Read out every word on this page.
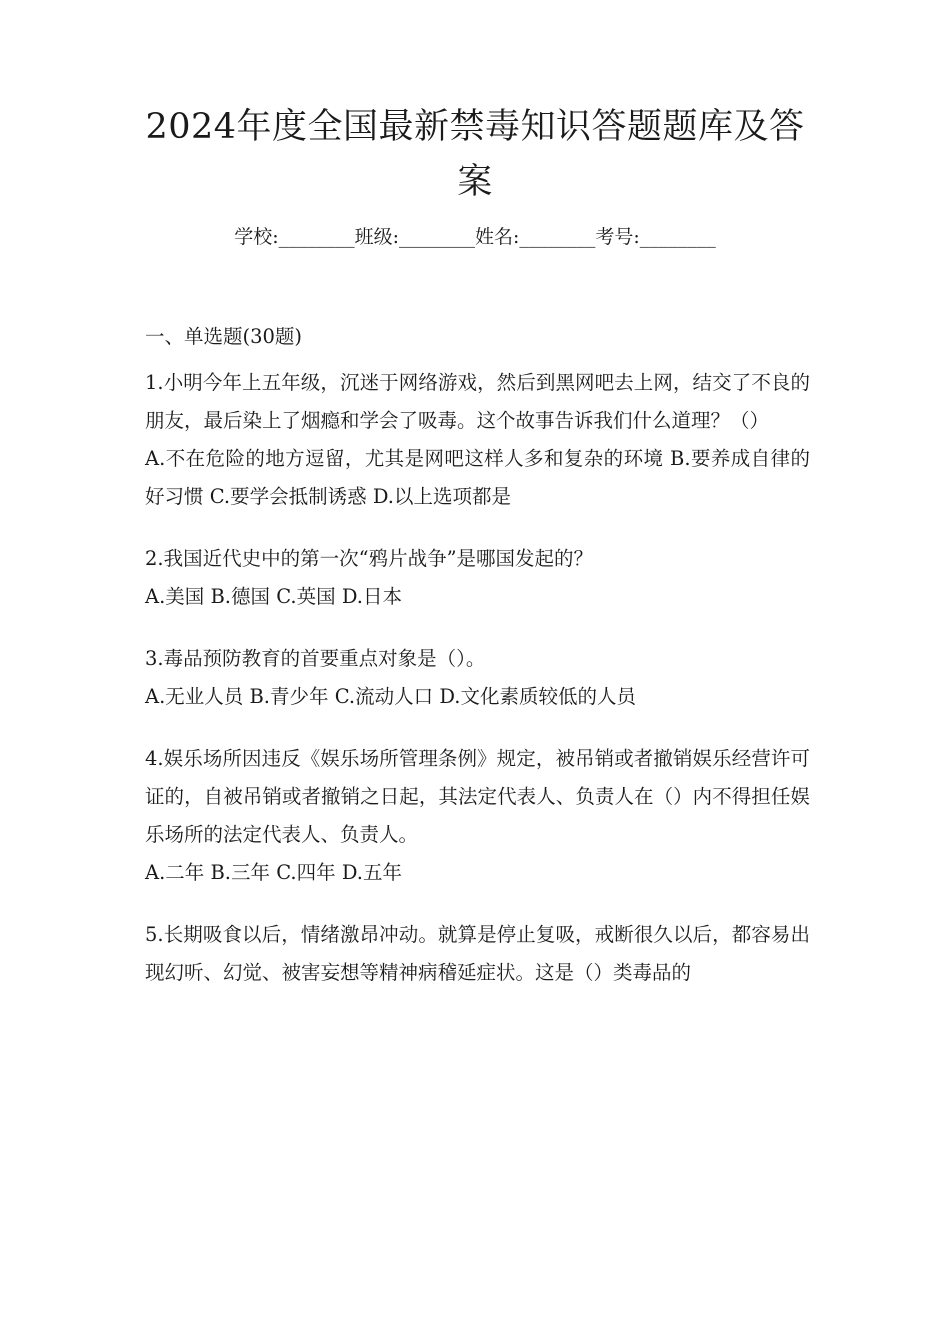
2024年度全国最新禁毒知识答题题库及答案
学校:________班级:________姓名:________考号:________

一、单选题(30题)

1.小明今年上五年级，沉迷于网络游戏，然后到黑网吧去上网，结交了不良的朋友，最后染上了烟瘾和学会了吸毒。这个故事告诉我们什么道理？（）

A.不在危险的地方逗留，尤其是网吧这样人多和复杂的环境 B.要养成自律的好习惯 C.要学会抵制诱惑 D.以上选项都是

2.我国近代史中的第一次“鸦片战争”是哪国发起的？

A.美国 B.德国 C.英国 D.日本

3.毒品预防教育的首要重点对象是（）。

A.无业人员 B.青少年 C.流动人口 D.文化素质较低的人员

4.娱乐场所因违反《娱乐场所管理条例》规定，被吊销或者撤销娱乐经营许可证的，自被吊销或者撤销之日起，其法定代表人、负责人在（）内不得担任娱乐场所的法定代表人、负责人。

A.二年 B.三年 C.四年 D.五年

5.长期吸食以后，情绪激昂冲动。就算是停止复吸，戒断很久以后，都容易出现幻听、幻觉、被害妄想等精神病稽延症状。这是（）类毒品的
